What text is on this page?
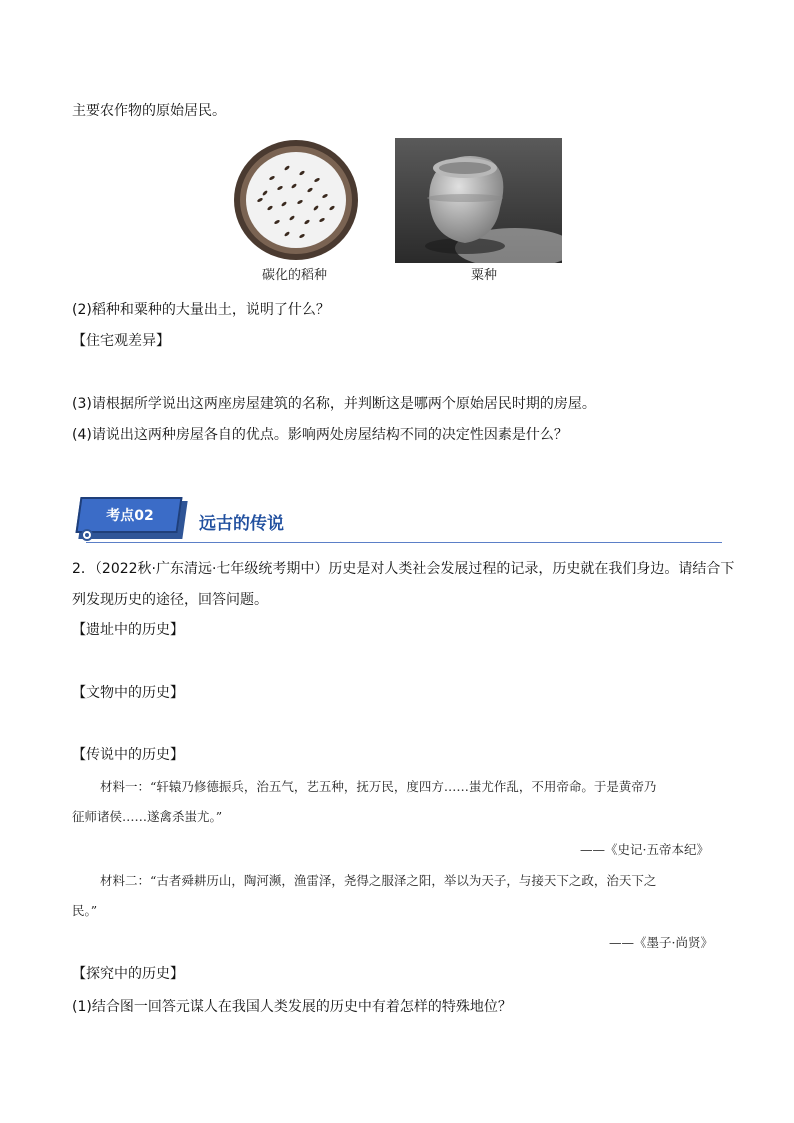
主要农作物的原始居民。
碳化的稻种	粟种
(2)稻种和粟种的大量出土，说明了什么？
【住宅观差异】
(3)请根据所学说出这两座房屋建筑的名称，并判断这是哪两个原始居民时期的房屋。
(4)请说出这两种房屋各自的优点。影响两处房屋结构不同的决定性因素是什么？
考点02	远古的传说
2．（2022秋·广东清远·七年级统考期中）历史是对人类社会发展过程的记录，历史就在我们身边。请结合下
列发现历史的途径，回答问题。
【遗址中的历史】
【文物中的历史】
【传说中的历史】
材料一：“轩辕乃修德振兵，治五气，艺五种，抚万民，度四方……蚩尤作乱，不用帝命。于是黄帝乃
征师诸侯……遂禽杀蚩尤。”
——《史记·五帝本纪》
材料二：“古者舜耕历山，陶河濒，渔雷泽，尧得之服泽之阳，举以为天子，与接天下之政，治天下之
民。”
——《墨子·尚贤》
【探究中的历史】
(1)结合图一回答元谋人在我国人类发展的历史中有着怎样的特殊地位？
